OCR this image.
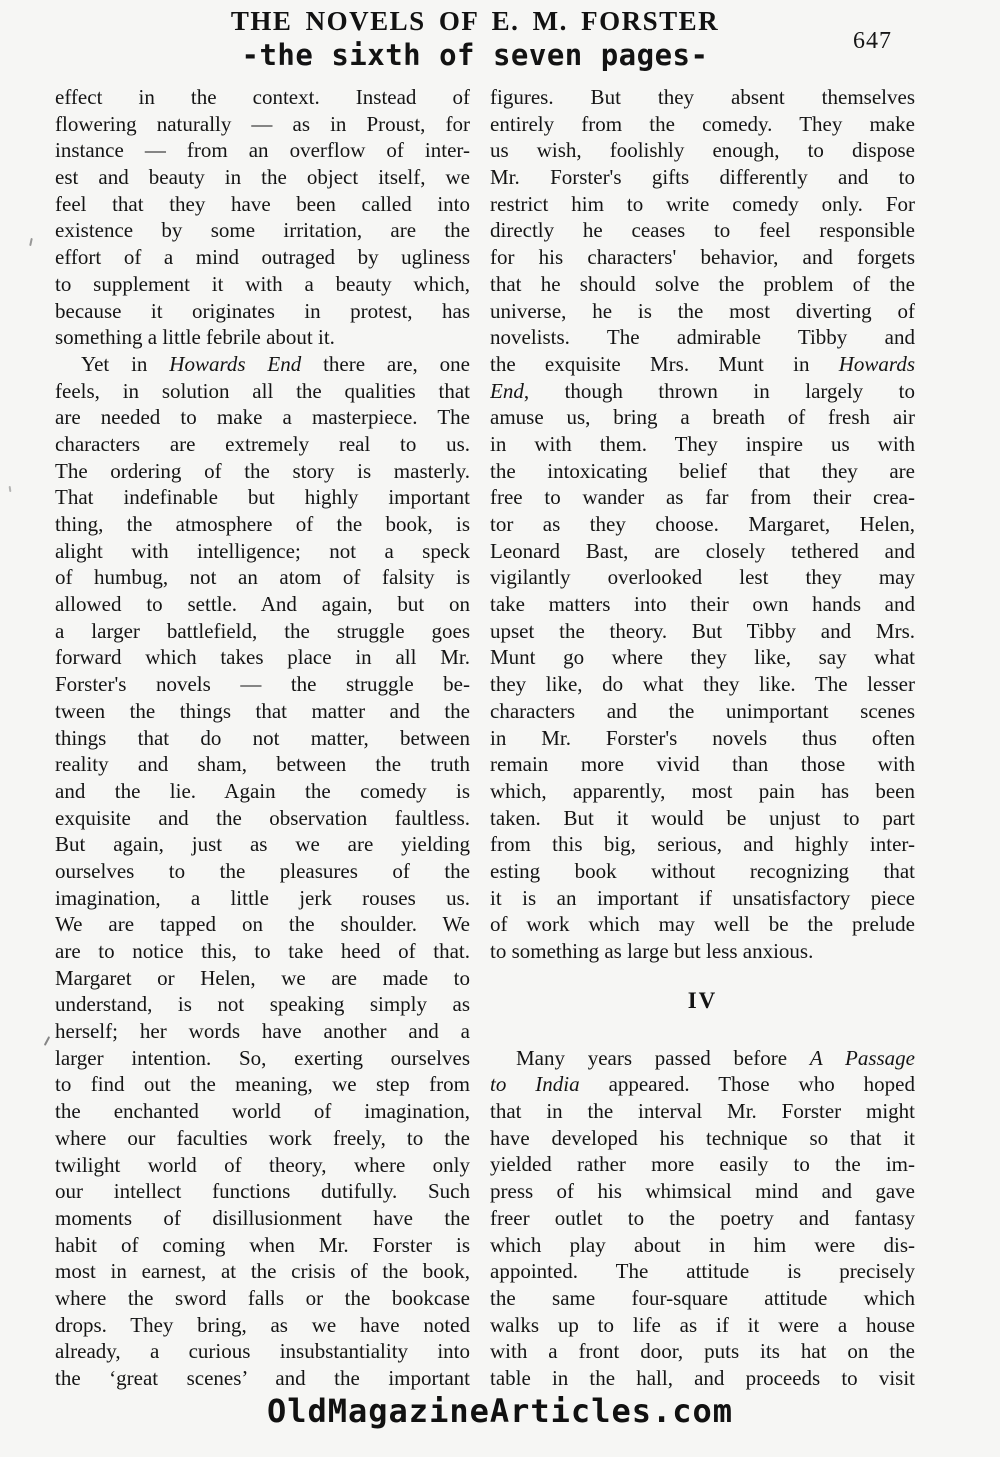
THE NOVELS OF E. M. FORSTER
-the sixth of seven pages-	647
effect in the context. Instead of
flowering naturally — as in Proust, for
instance — from an overflow of inter-
est and beauty in the object itself, we
feel that they have been called into
existence by some irritation, are the
effort of a mind outraged by ugliness
to supplement it with a beauty which,
because it originates in protest, has
something a little febrile about it.
Yet in Howards End there are, one
feels, in solution all the qualities that
are needed to make a masterpiece. The
characters are extremely real to us.
The ordering of the story is masterly.
That indefinable but highly important
thing, the atmosphere of the book, is
alight with intelligence; not a speck
of humbug, not an atom of falsity is
allowed to settle. And again, but on
a larger battlefield, the struggle goes
forward which takes place in all Mr.
Forster's novels — the struggle be-
tween the things that matter and the
things that do not matter, between
reality and sham, between the truth
and the lie. Again the comedy is
exquisite and the observation faultless.
But again, just as we are yielding
ourselves to the pleasures of the
imagination, a little jerk rouses us.
We are tapped on the shoulder. We
are to notice this, to take heed of that.
Margaret or Helen, we are made to
understand, is not speaking simply as
herself; her words have another and a
larger intention. So, exerting ourselves
to find out the meaning, we step from
the enchanted world of imagination,
where our faculties work freely, to the
twilight world of theory, where only
our intellect functions dutifully. Such
moments of disillusionment have the
habit of coming when Mr. Forster is
most in earnest, at the crisis of the book,
where the sword falls or the bookcase
drops. They bring, as we have noted
already, a curious insubstantiality into
the ‘great scenes’ and the important
figures. But they absent themselves
entirely from the comedy. They make
us wish, foolishly enough, to dispose
Mr. Forster's gifts differently and to
restrict him to write comedy only. For
directly he ceases to feel responsible
for his characters' behavior, and forgets
that he should solve the problem of the
universe, he is the most diverting of
novelists. The admirable Tibby and
the exquisite Mrs. Munt in Howards
End, though thrown in largely to
amuse us, bring a breath of fresh air
in with them. They inspire us with
the intoxicating belief that they are
free to wander as far from their crea-
tor as they choose. Margaret, Helen,
Leonard Bast, are closely tethered and
vigilantly overlooked lest they may
take matters into their own hands and
upset the theory. But Tibby and Mrs.
Munt go where they like, say what
they like, do what they like. The lesser
characters and the unimportant scenes
in Mr. Forster's novels thus often
remain more vivid than those with
which, apparently, most pain has been
taken. But it would be unjust to part
from this big, serious, and highly inter-
esting book without recognizing that
it is an important if unsatisfactory piece
of work which may well be the prelude
to something as large but less anxious.
IV
Many years passed before A Passage
to India appeared. Those who hoped
that in the interval Mr. Forster might
have developed his technique so that it
yielded rather more easily to the im-
press of his whimsical mind and gave
freer outlet to the poetry and fantasy
which play about in him were dis-
appointed. The attitude is precisely
the same four-square attitude which
walks up to life as if it were a house
with a front door, puts its hat on the
table in the hall, and proceeds to visit
OldMagazineArticles.com
